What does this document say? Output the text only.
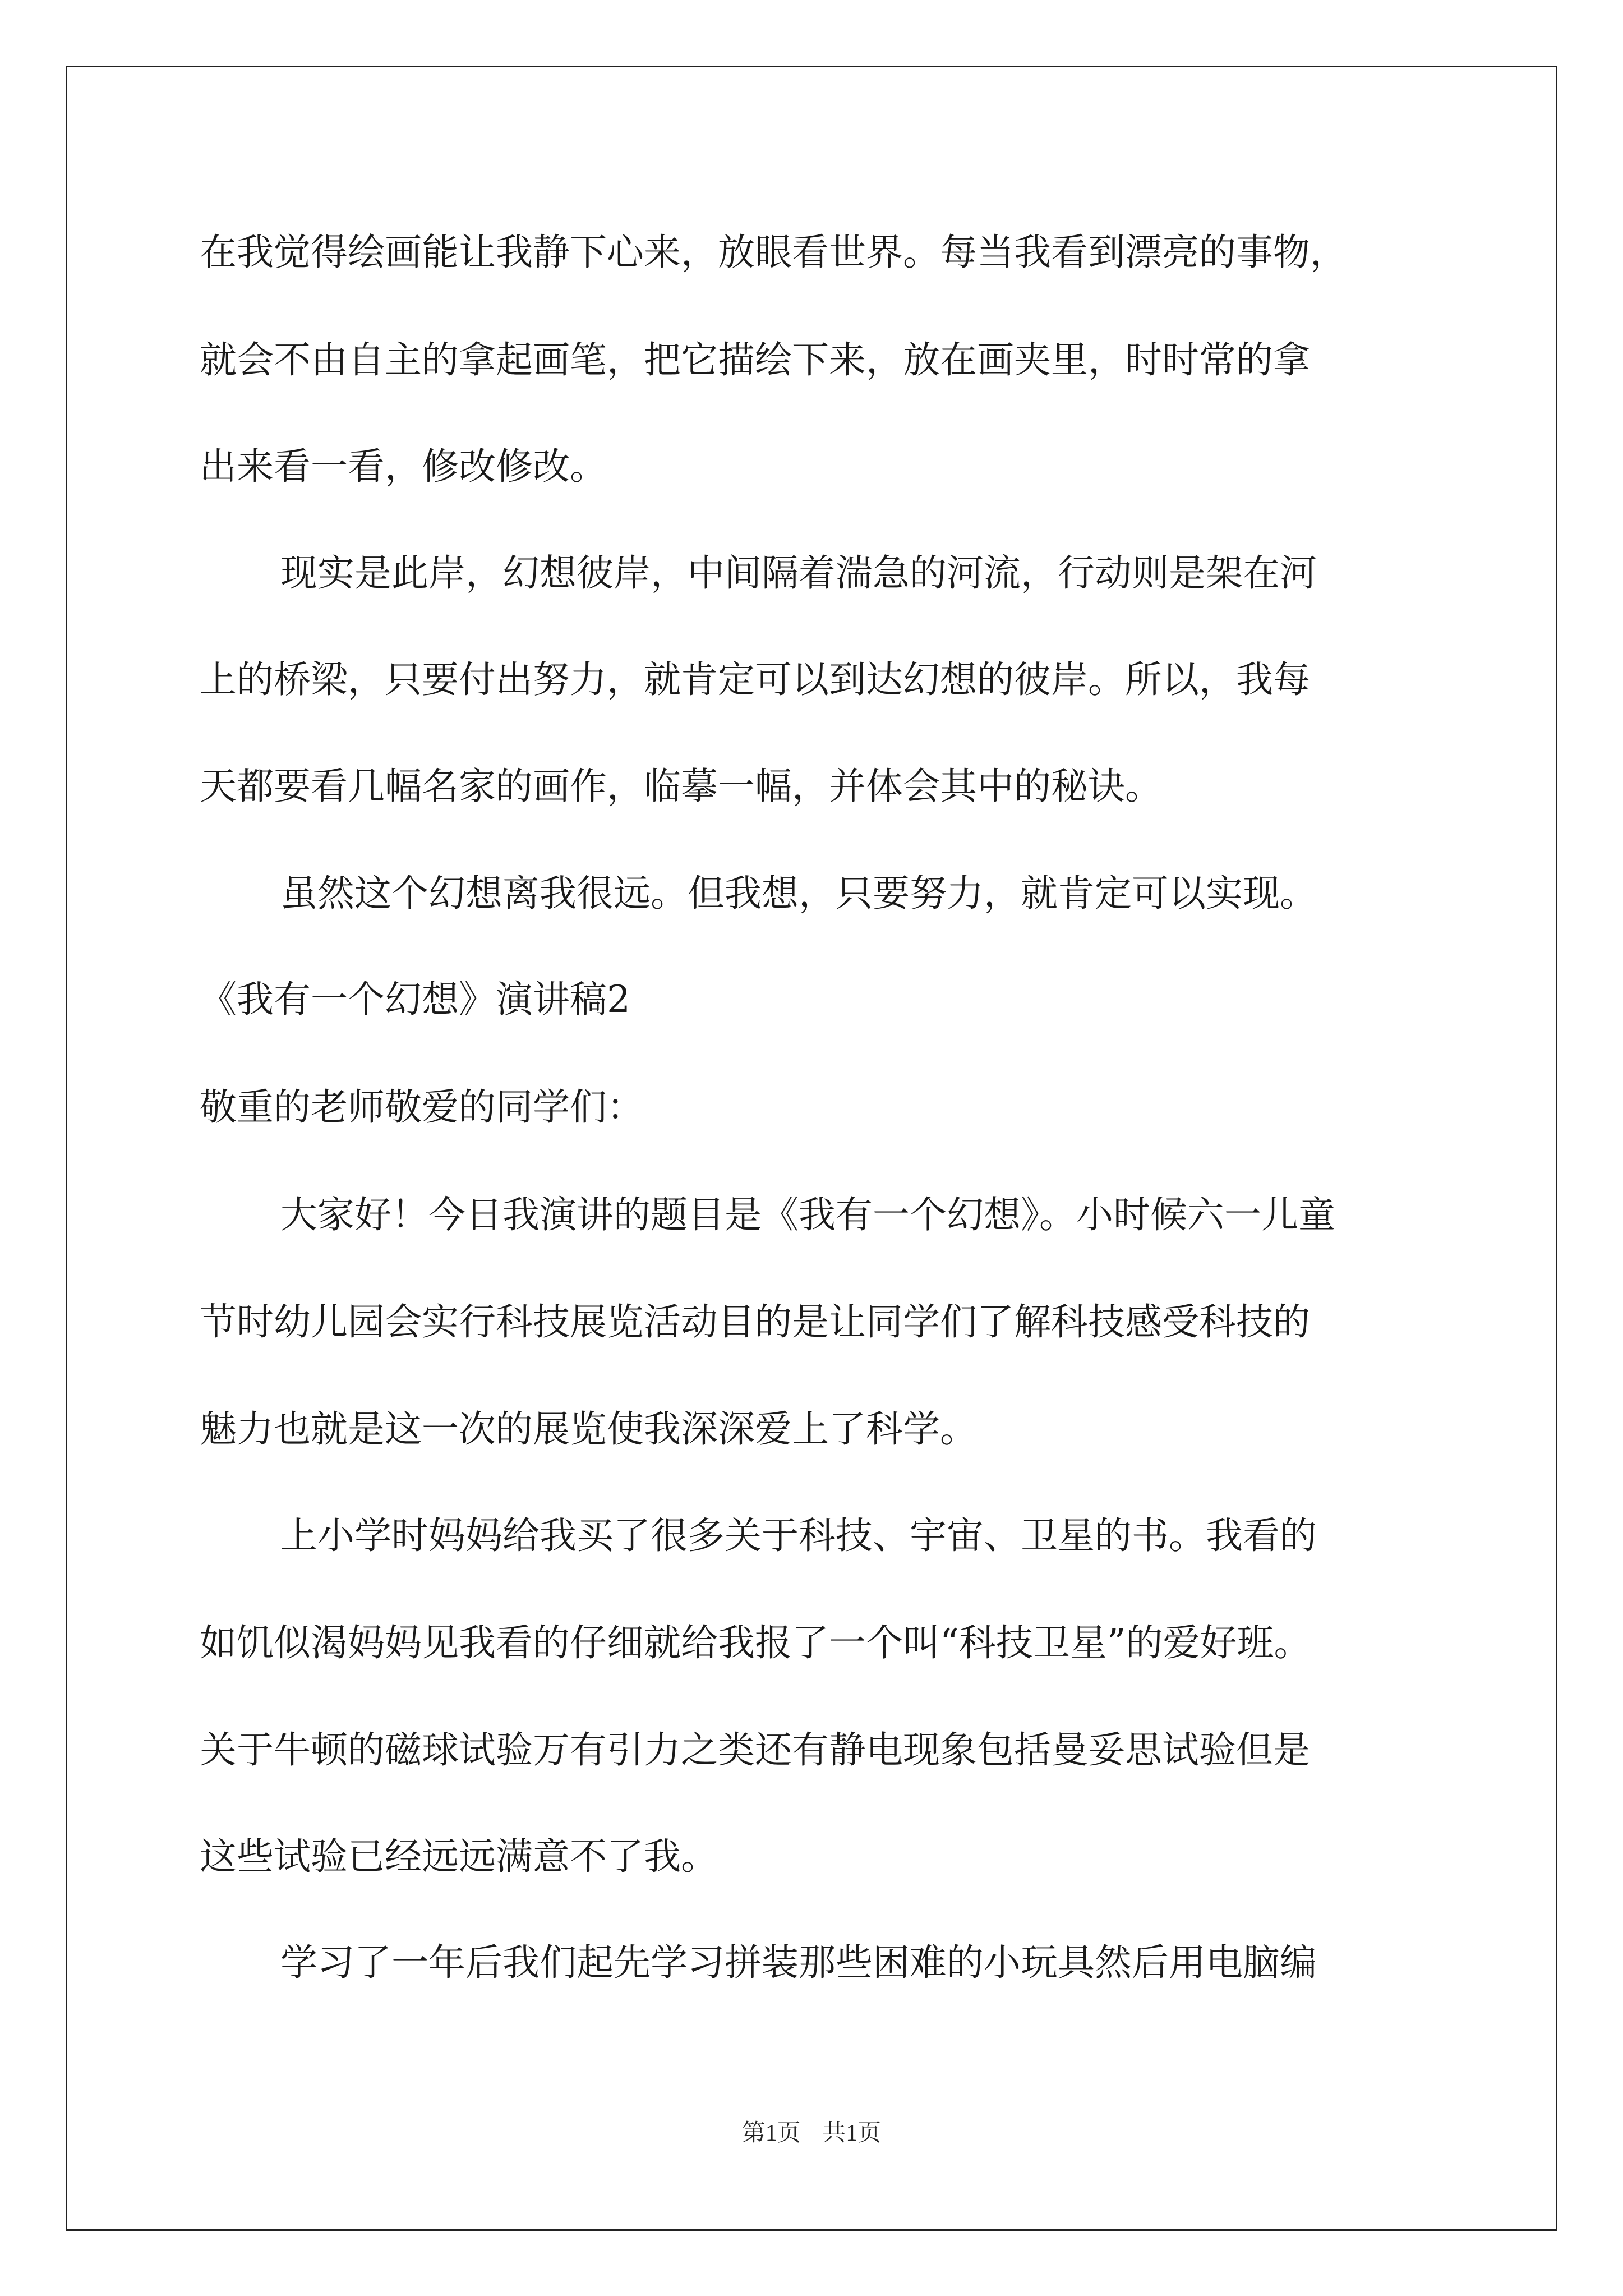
在我觉得绘画能让我静下心来，放眼看世界。每当我看到漂亮的事物，
就会不由自主的拿起画笔，把它描绘下来，放在画夹里，时时常的拿
出来看一看，修改修改。
现实是此岸，幻想彼岸，中间隔着湍急的河流，行动则是架在河
上的桥梁，只要付出努力，就肯定可以到达幻想的彼岸。所以，我每
天都要看几幅名家的画作，临摹一幅，并体会其中的秘诀。
虽然这个幻想离我很远。但我想，只要努力，就肯定可以实现。
《我有一个幻想》演讲稿2
敬重的老师敬爱的同学们：
大家好！今日我演讲的题目是《我有一个幻想》。小时候六一儿童
节时幼儿园会实行科技展览活动目的是让同学们了解科技感受科技的
魅力也就是这一次的展览使我深深爱上了科学。
上小学时妈妈给我买了很多关于科技、宇宙、卫星的书。我看的
如饥似渴妈妈见我看的仔细就给我报了一个叫“科技卫星”的爱好班。
关于牛顿的磁球试验万有引力之类还有静电现象包括曼妥思试验但是
这些试验已经远远满意不了我。
学习了一年后我们起先学习拼装那些困难的小玩具然后用电脑编
第1页 共1页
